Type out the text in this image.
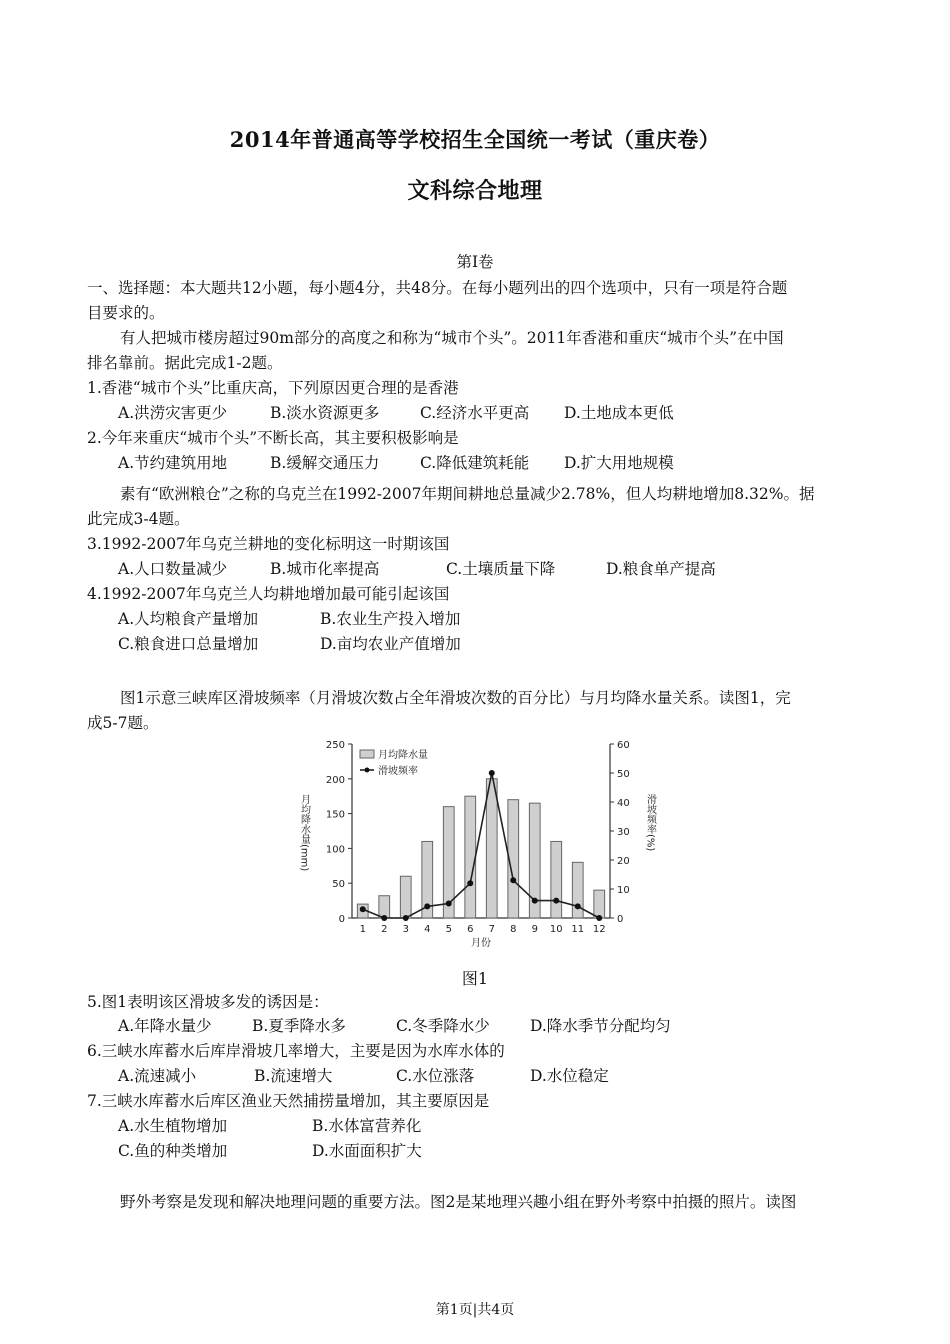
2014年普通高等学校招生全国统一考试（重庆卷）
文科综合地理
第Ⅰ卷
一、选择题：本大题共12小题，每小题4分，共48分。在每小题列出的四个选项中，只有一项是符合题
目要求的。
有人把城市楼房超过90m部分的高度之和称为“城市个头”。2011年香港和重庆“城市个头”在中国
排名靠前。据此完成1-2题。
1.香港“城市个头”比重庆高，下列原因更合理的是香港
A.洪涝灾害更少	B.淡水资源更多	C.经济水平更高 D.土地成本更低
2.今年来重庆“城市个头”不断长高，其主要积极影响是
A.节约建筑用地	B.缓解交通压力	C.降低建筑耗能 D.扩大用地规模
素有“欧洲粮仓”之称的乌克兰在1992-2007年期间耕地总量减少2.78%，但人均耕地增加8.32%。据
此完成3-4题。
3.1992-2007年乌克兰耕地的变化标明这一时期该国
A.人口数量减少	B.城市化率提高	C.土壤质量下降	D.粮食单产提高
4.1992-2007年乌克兰人均耕地增加最可能引起该国
A.人均粮食产量增加	B.农业生产投入增加
C.粮食进口总量增加	D.亩均农业产值增加
图1示意三峡库区滑坡频率（月滑坡次数占全年滑坡次数的百分比）与月均降水量关系。读图1，完
成5-7题。
0
50
100
150
200
250
0
10
20
30
40
50
60
1 2 3 4 5 6 7 8 9 10 11 12
月均降水量(mm)	滑坡频率(%)
月份
月均降水量
滑坡频率
图1
5.图1表明该区滑坡多发的诱因是：
A.年降水量少	B.夏季降水多	C.冬季降水少	D.降水季节分配均匀
6.三峡水库蓄水后库岸滑坡几率增大，主要是因为水库水体的
A.流速减小	B.流速增大	C.水位涨落	D.水位稳定
7.三峡水库蓄水后库区渔业天然捕捞量增加，其主要原因是
A.水生植物增加	B.水体富营养化
C.鱼的种类增加	D.水面面积扩大
野外考察是发现和解决地理问题的重要方法。图2是某地理兴趣小组在野外考察中拍摄的照片。读图
第1页|共4页
